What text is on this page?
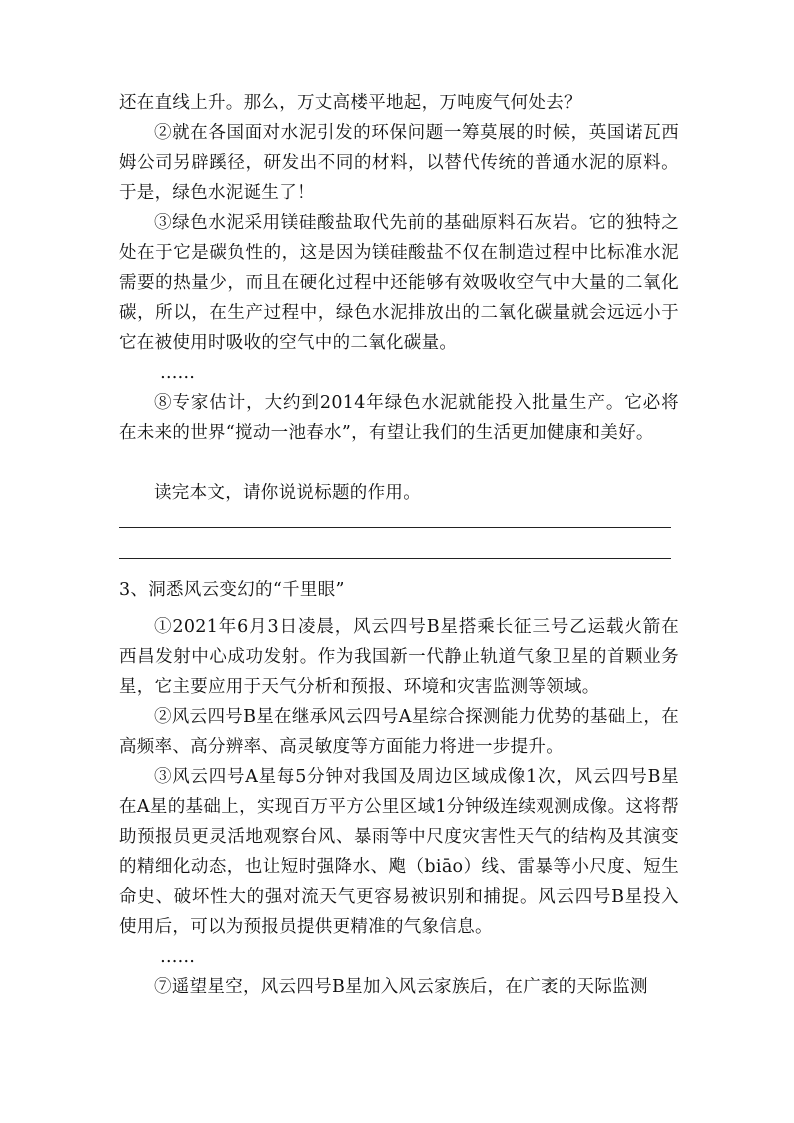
还在直线上升。那么，万丈高楼平地起，万吨废气何处去？

②就在各国面对水泥引发的环保问题一筹莫展的时候，英国诺瓦西姆公司另辟蹊径，研发出不同的材料，以替代传统的普通水泥的原料。于是，绿色水泥诞生了！

③绿色水泥采用镁硅酸盐取代先前的基础原料石灰岩。它的独特之处在于它是碳负性的，这是因为镁硅酸盐不仅在制造过程中比标准水泥需要的热量少，而且在硬化过程中还能够有效吸收空气中大量的二氧化碳，所以，在生产过程中，绿色水泥排放出的二氧化碳量就会远远小于它在被使用时吸收的空气中的二氧化碳量。

……

⑧专家估计，大约到2014年绿色水泥就能投入批量生产。它必将在未来的世界“搅动一池春水”，有望让我们的生活更加健康和美好。

读完本文，请你说说标题的作用。

3、洞悉风云变幻的“千里眼”

①2021年6月3日凌晨，风云四号B星搭乘长征三号乙运载火箭在西昌发射中心成功发射。作为我国新一代静止轨道气象卫星的首颗业务星，它主要应用于天气分析和预报、环境和灾害监测等领域。

②风云四号B星在继承风云四号A星综合探测能力优势的基础上，在高频率、高分辨率、高灵敏度等方面能力将进一步提升。

③风云四号A星每5分钟对我国及周边区域成像1次，风云四号B星在A星的基础上，实现百万平方公里区域1分钟级连续观测成像。这将帮助预报员更灵活地观察台风、暴雨等中尺度灾害性天气的结构及其演变的精细化动态，也让短时强降水、飑（biāo）线、雷暴等小尺度、短生命史、破坏性大的强对流天气更容易被识别和捕捉。风云四号B星投入使用后，可以为预报员提供更精准的气象信息。

……

⑦遥望星空，风云四号B星加入风云家族后，在广袤的天际监测
